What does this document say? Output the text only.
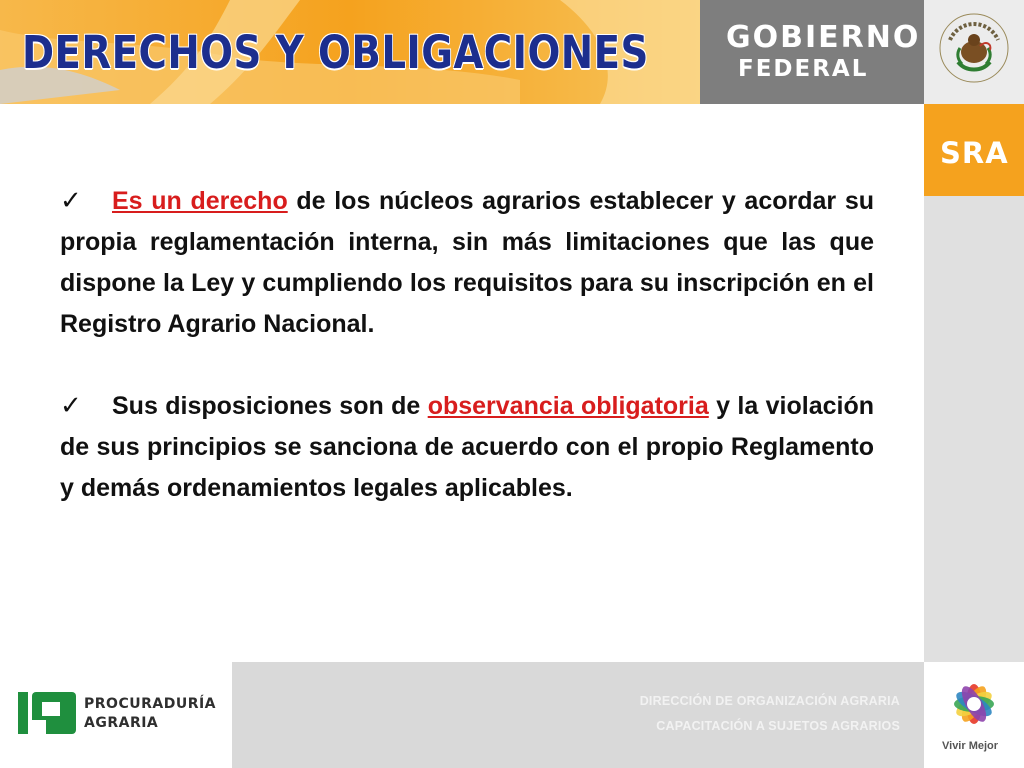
DERECHOS Y OBLIGACIONES	GOBIERNO
FEDERAL
SRA

✓ Es un derecho de los núcleos agrarios establecer y acordar su propia reglamentación interna, sin más limitaciones que las que dispone la Ley y cumpliendo los requisitos para su inscripción en el Registro Agrario Nacional.

✓ Sus disposiciones son de observancia obligatoria y la violación de sus principios se sanciona de acuerdo con el propio Reglamento y demás ordenamientos legales aplicables.

PROCURADURÍA
AGRARIA
DIRECCIÓN DE ORGANIZACIÓN AGRARIA
CAPACITACIÓN A SUJETOS AGRARIOS
Vivir Mejor
